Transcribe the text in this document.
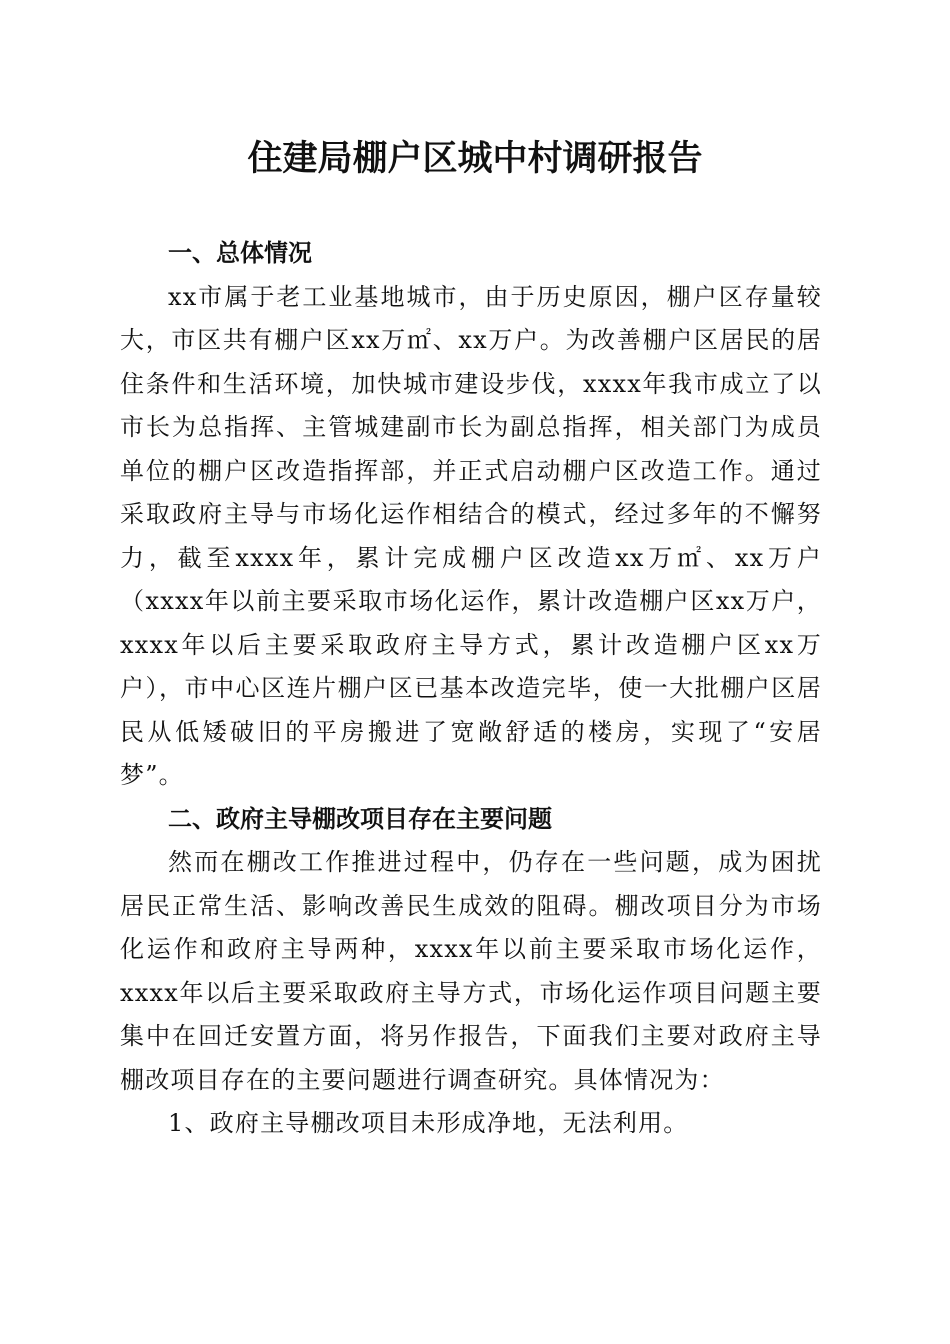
住建局棚户区城中村调研报告
一、总体情况

xx市属于老工业基地城市，由于历史原因，棚户区存量较大，市区共有棚户区xx万㎡、xx万户。为改善棚户区居民的居住条件和生活环境，加快城市建设步伐，xxxx年我市成立了以市长为总指挥、主管城建副市长为副总指挥，相关部门为成员单位的棚户区改造指挥部，并正式启动棚户区改造工作。通过采取政府主导与市场化运作相结合的模式，经过多年的不懈努力，截至xxxx年，累计完成棚户区改造xx万㎡、xx万户（xxxx年以前主要采取市场化运作，累计改造棚户区xx万户，xxxx年以后主要采取政府主导方式，累计改造棚户区xx万户），市中心区连片棚户区已基本改造完毕，使一大批棚户区居民从低矮破旧的平房搬进了宽敞舒适的楼房，实现了“安居梦”。

二、政府主导棚改项目存在主要问题

然而在棚改工作推进过程中，仍存在一些问题，成为困扰居民正常生活、影响改善民生成效的阻碍。棚改项目分为市场化运作和政府主导两种，xxxx年以前主要采取市场化运作，xxxx年以后主要采取政府主导方式，市场化运作项目问题主要集中在回迁安置方面，将另作报告，下面我们主要对政府主导棚改项目存在的主要问题进行调查研究。具体情况为：

1、政府主导棚改项目未形成净地，无法利用。
